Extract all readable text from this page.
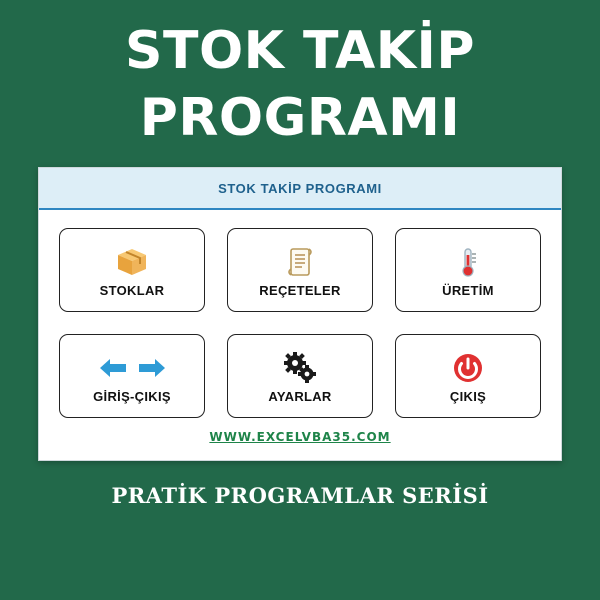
STOK TAKİP
PROGRAMI
STOK TAKİP PROGRAMI
STOKLAR	REÇETELER	ÜRETİM
GİRİŞ-ÇIKIŞ	AYARLAR	ÇIKIŞ
WWW.EXCELVBA35.COM
PRATİK PROGRAMLAR SERİSİ
